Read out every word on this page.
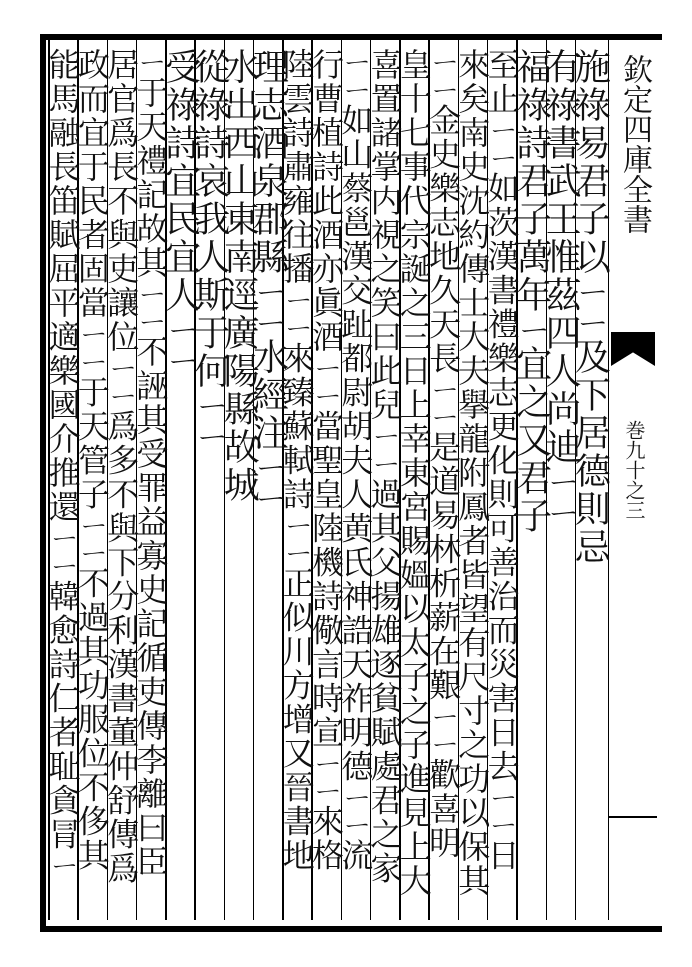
欽定四庫全書
巻九十之三
施祿易君子以ㄧㄧ及下居德則忌
有祿書武王惟茲四人尚迪ㄧㄧ
福祿詩君子萬年ㄧ宜之又君子
至止ㄧㄧ如茨漢書禮樂志更化則可善治而災害日去ㄧㄧ日
來矣南史沈約傳士大夫擧龍附鳳者皆望有尺寸之功以保其
ㄧㄧ金史樂志地久天長ㄧㄧ是道易林析薪在艱ㄧㄧ歡喜明
皇十七事代宗誕之三日上幸東宮賜媼以太子之子進見上大
喜置諸掌内視之笑曰此兒ㄧㄧ過其父揚雄逐貧賦處君之家
ㄧㄧ如山蔡邕漢交趾都尉胡夫人黄氏神誥天祚明德ㄧㄧ流
行曹植詩此酒亦眞酒ㄧㄧ當聖皇陸機詩儆言時宣ㄧㄧ來格
陸雲詩肅雍往播ㄧㄧ來臻蘇軾詩ㄧㄧ正似川方增又晉書地
理志酒泉郡縣ㄧㄧ水經注ㄧㄧ
水出西山東南逕廣陽縣故城
從祿詩哀我人斯于何ㄧㄧ
受祿詩宜民宜人ㄧㄧ
ㄧ于天禮記故其ㄧㄧ不誣其受罪益寡史記循吏傳李離曰臣
居官爲長不與吏讓位ㄧㄧ爲多不與下分利漢書董仲舒傳爲
政而宜于民者固當ㄧㄧ于天管子ㄧㄧ不過其功服位不侈其
能馬融長笛賦屈平適樂國介推還ㄧㄧ韓愈詩仁者耻貪冐ㄧ
